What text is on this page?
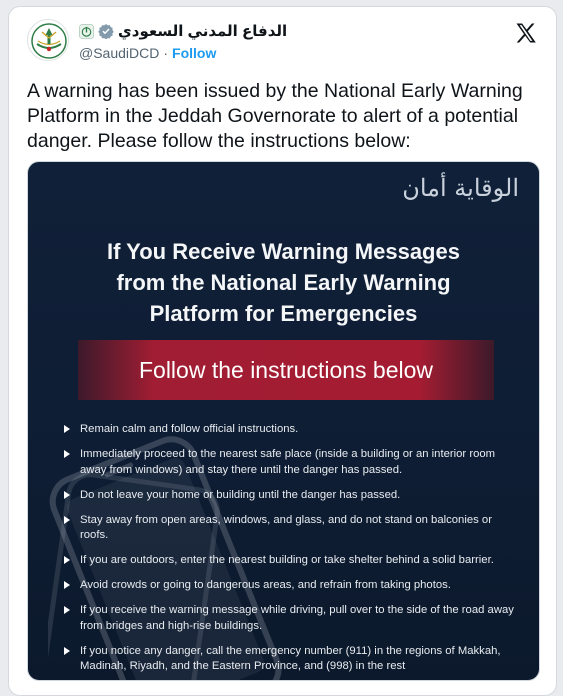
الدفاع المدني السعودي
@SaudiDCD · Follow

A warning has been issued by the National Early Warning Platform in the Jeddah Governorate to alert of a potential danger. Please follow the instructions below:

الوقاية أمان
If You Receive Warning Messages
from the National Early Warning
Platform for Emergencies
Follow the instructions below
Remain calm and follow official instructions.
Immediately proceed to the nearest safe place (inside a building or an interior room away from windows) and stay there until the danger has passed.
Do not leave your home or building until the danger has passed.
Stay away from open areas, windows, and glass, and do not stand on balconies or roofs.
If you are outdoors, enter the nearest building or take shelter behind a solid barrier.
Avoid crowds or going to dangerous areas, and refrain from taking photos.
If you receive the warning message while driving, pull over to the side of the road away from bridges and high-rise buildings.
If you notice any danger, call the emergency number (911) in the regions of Makkah, Madinah, Riyadh, and the Eastern Province, and (998) in the rest
